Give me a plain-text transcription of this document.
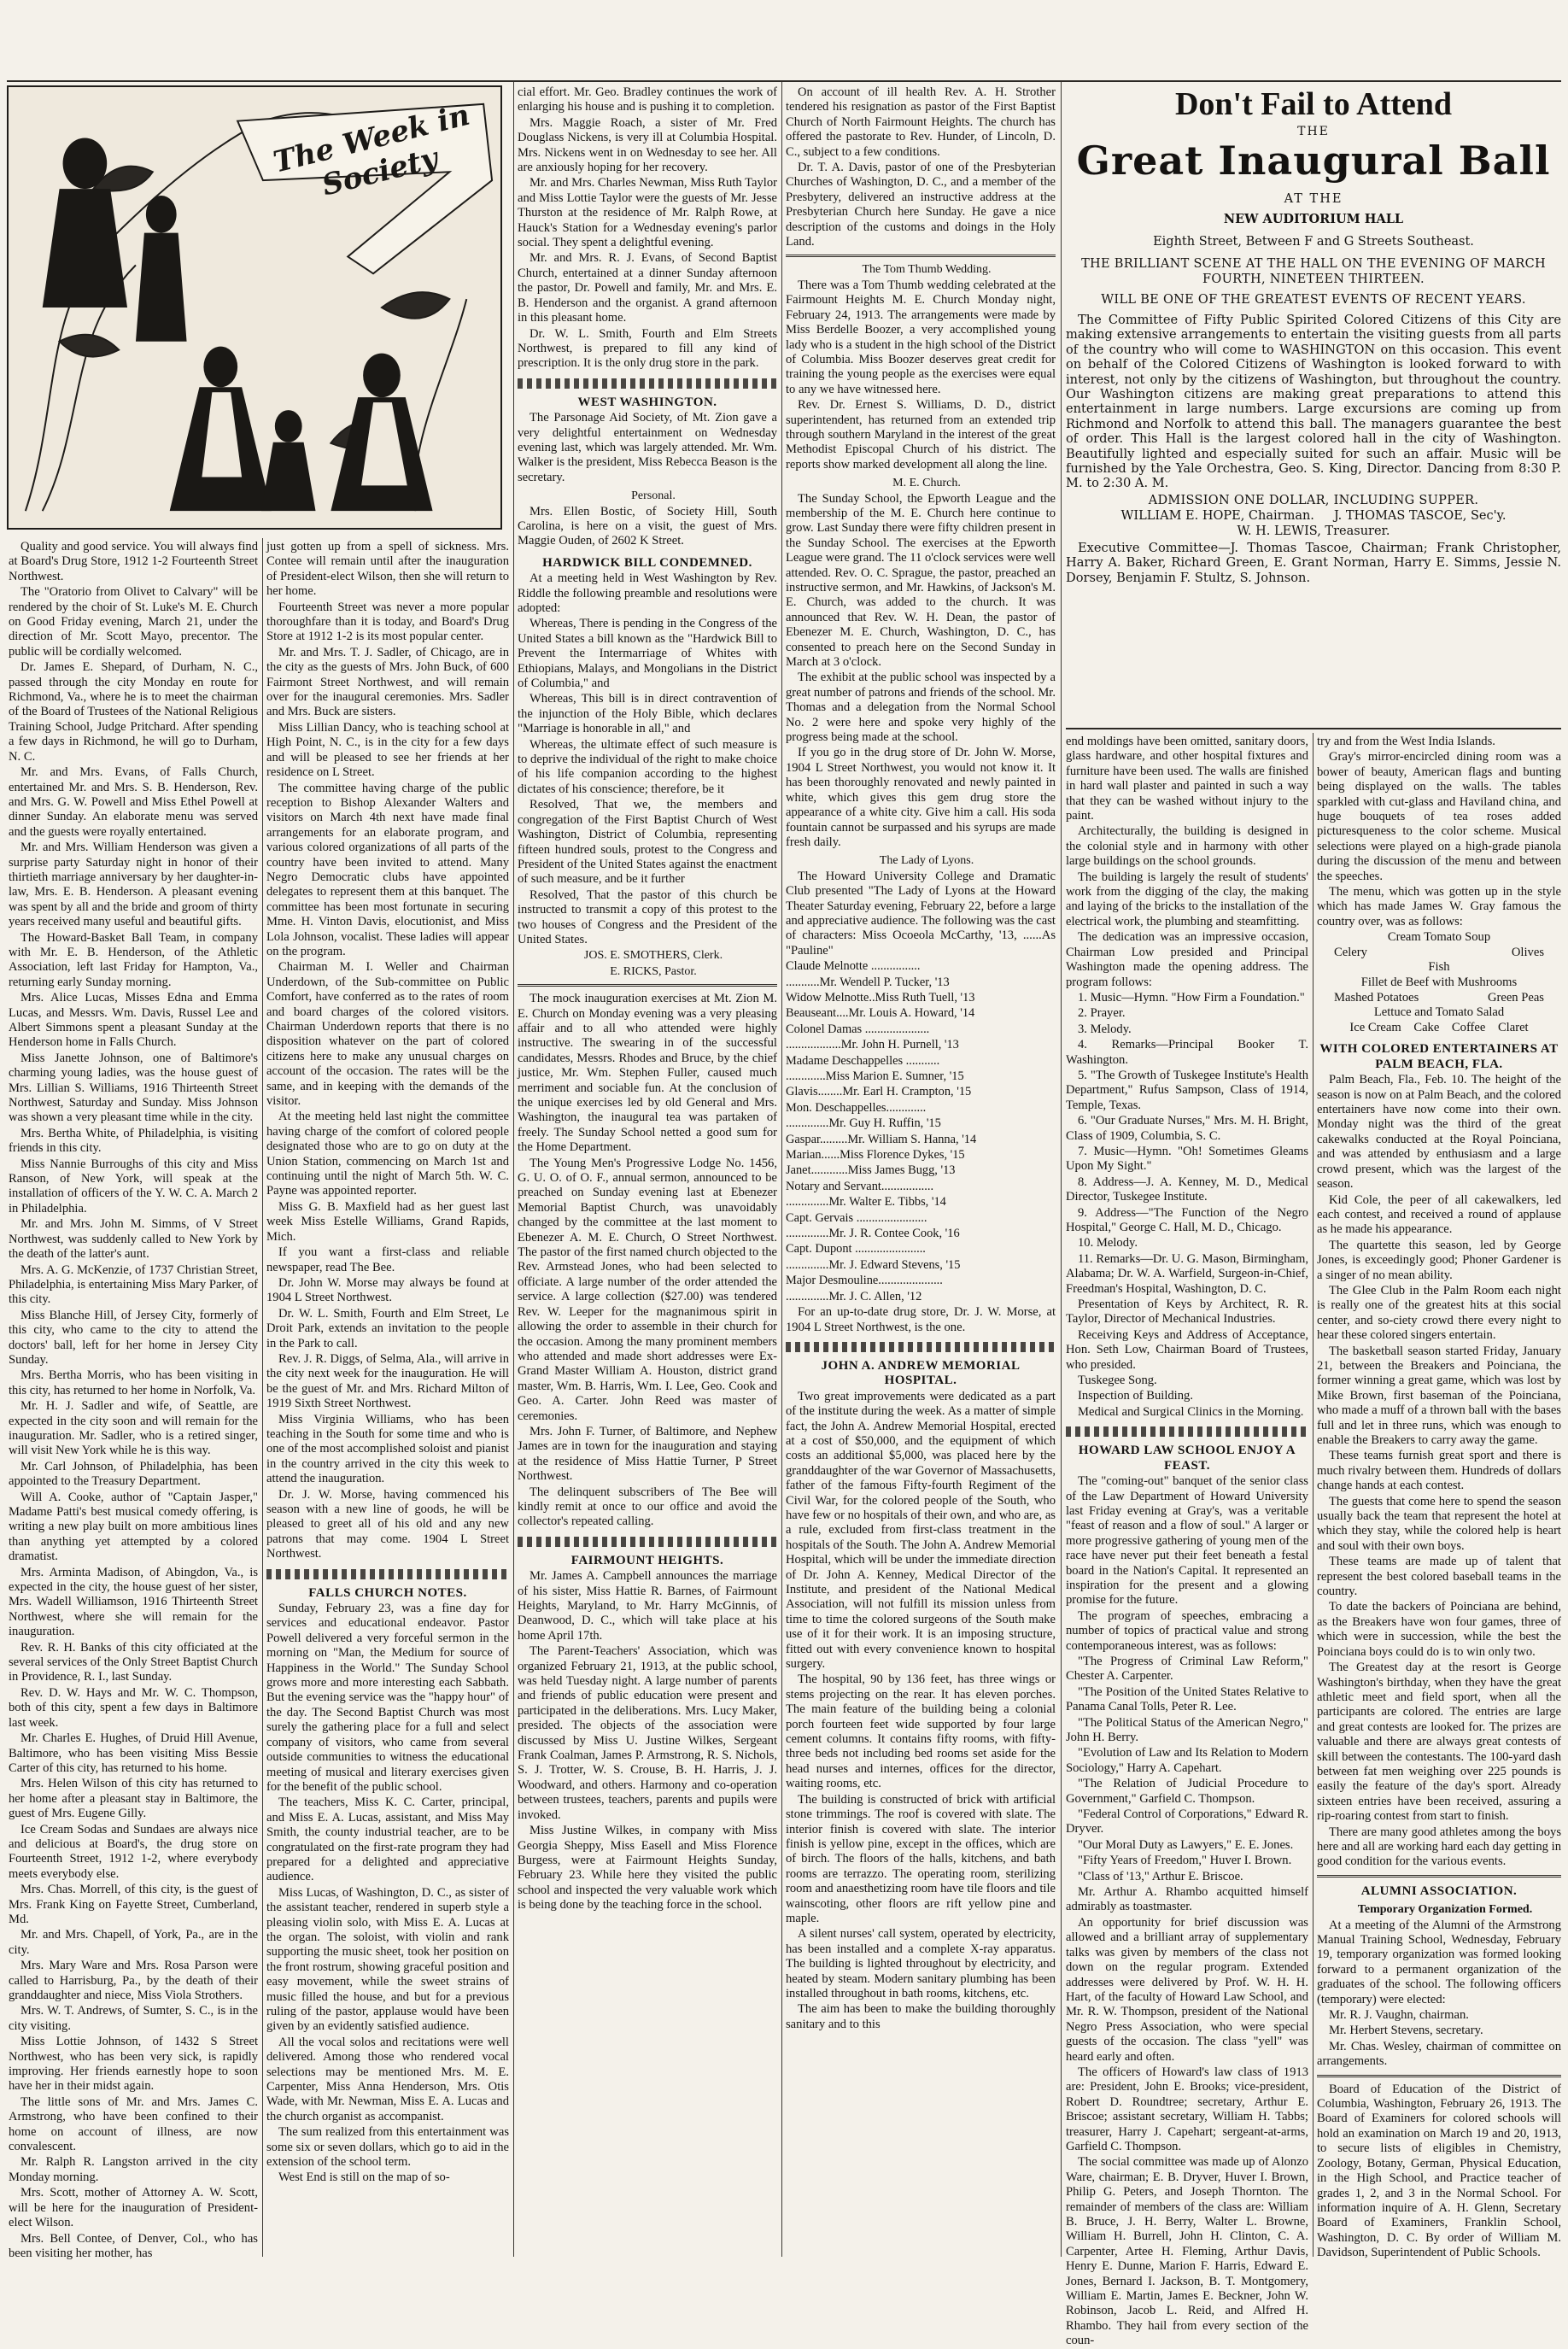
The Week in Society

Quality and good service. You will always find at Board's Drug Store, 1912 1-2 Fourteenth Street Northwest.

The "Oratorio from Olivet to Calvary" will be rendered by the choir of St. Luke's M. E. Church on Good Friday evening, March 21, under the direction of Mr. Scott Mayo, precentor. The public will be cordially welcomed.

Dr. James E. Shepard, of Durham, N. C., passed through the city Monday en route for Richmond, Va., where he is to meet the chairman of the Board of Trustees of the National Religious Training School, Judge Pritchard. After spending a few days in Richmond, he will go to Durham, N. C.

Mr. and Mrs. Evans, of Falls Church, entertained Mr. and Mrs. S. B. Henderson, Rev. and Mrs. G. W. Powell and Miss Ethel Powell at dinner Sunday. An elaborate menu was served and the guests were royally entertained.

Mr. and Mrs. William Henderson was given a surprise party Saturday night in honor of their thirtieth marriage anniversary by her daughter-in-law, Mrs. E. B. Henderson. A pleasant evening was spent by all and the bride and groom of thirty years received many useful and beautiful gifts.

The Howard-Basket Ball Team, in company with Mr. E. B. Henderson, of the Athletic Association, left last Friday for Hampton, Va., returning early Sunday morning.

Mrs. Alice Lucas, Misses Edna and Emma Lucas, and Messrs. Wm. Davis, Russel Lee and Albert Simmons spent a pleasant Sunday at the Henderson home in Falls Church.

Miss Janette Johnson, one of Baltimore's charming young ladies, was the house guest of Mrs. Lillian S. Williams, 1916 Thirteenth Street Northwest, Saturday and Sunday. Miss Johnson was shown a very pleasant time while in the city.

Mrs. Bertha White, of Philadelphia, is visiting friends in this city.

Miss Nannie Burroughs of this city and Miss Ranson, of New York, will speak at the installation of officers of the Y. W. C. A. March 2 in Philadelphia.

Mr. and Mrs. John M. Simms, of V Street Northwest, was suddenly called to New York by the death of the latter's aunt.

Mrs. A. G. McKenzie, of 1737 Christian Street, Philadelphia, is entertaining Miss Mary Parker, of this city.

Miss Blanche Hill, of Jersey City, formerly of this city, who came to the city to attend the doctors' ball, left for her home in Jersey City Sunday.

Mrs. Bertha Morris, who has been visiting in this city, has returned to her home in Norfolk, Va.

Mr. H. J. Sadler and wife, of Seattle, are expected in the city soon and will remain for the inauguration. Mr. Sadler, who is a retired singer, will visit New York while he is this way.

Mr. Carl Johnson, of Philadelphia, has been appointed to the Treasury Department.

Will A. Cooke, author of "Captain Jasper," Madame Patti's best musical comedy offering, is writing a new play built on more ambitious lines than anything yet attempted by a colored dramatist.

Mrs. Arminta Madison, of Abingdon, Va., is expected in the city, the house guest of her sister, Mrs. Wadell Williamson, 1916 Thirteenth Street Northwest, where she will remain for the inauguration.

Rev. R. H. Banks of this city officiated at the several services of the Only Street Baptist Church in Providence, R. I., last Sunday.

Rev. D. W. Hays and Mr. W. C. Thompson, both of this city, spent a few days in Baltimore last week.

Mr. Charles E. Hughes, of Druid Hill Avenue, Baltimore, who has been visiting Miss Bessie Carter of this city, has returned to his home.

Mrs. Helen Wilson of this city has returned to her home after a pleasant stay in Baltimore, the guest of Mrs. Eugene Gilly.

Ice Cream Sodas and Sundaes are always nice and delicious at Board's, the drug store on Fourteenth Street, 1912 1-2, where everybody meets everybody else.

Mrs. Chas. Morrell, of this city, is the guest of Mrs. Frank King on Fayette Street, Cumberland, Md.

Mr. and Mrs. Chapell, of York, Pa., are in the city.

Mrs. Mary Ware and Mrs. Rosa Parson were called to Harrisburg, Pa., by the death of their granddaughter and niece, Miss Viola Strothers.

Mrs. W. T. Andrews, of Sumter, S. C., is in the city visiting.

Miss Lottie Johnson, of 1432 S Street Northwest, who has been very sick, is rapidly improving. Her friends earnestly hope to soon have her in their midst again.

The little sons of Mr. and Mrs. James C. Armstrong, who have been confined to their home on account of illness, are now convalescent.

Mr. Ralph R. Langston arrived in the city Monday morning.

Mrs. Scott, mother of Attorney A. W. Scott, will be here for the inauguration of President-elect Wilson.

Mrs. Bell Contee, of Denver, Col., who has been visiting her mother, has

just gotten up from a spell of sickness. Mrs. Contee will remain until after the inauguration of President-elect Wilson, then she will return to her home.

Fourteenth Street was never a more popular thoroughfare than it is today, and Board's Drug Store at 1912 1-2 is its most popular center.

Mr. and Mrs. T. J. Sadler, of Chicago, are in the city as the guests of Mrs. John Buck, of 600 Fairmont Street Northwest, and will remain over for the inaugural ceremonies. Mrs. Sadler and Mrs. Buck are sisters.

Miss Lillian Dancy, who is teaching school at High Point, N. C., is in the city for a few days and will be pleased to see her friends at her residence on L Street.

The committee having charge of the public reception to Bishop Alexander Walters and visitors on March 4th next have made final arrangements for an elaborate program, and various colored organizations of all parts of the country have been invited to attend. Many Negro Democratic clubs have appointed delegates to represent them at this banquet. The committee has been most fortunate in securing Mme. H. Vinton Davis, elocutionist, and Miss Lola Johnson, vocalist. These ladies will appear on the program.

Chairman M. I. Weller and Chairman Underdown, of the Sub-committee on Public Comfort, have conferred as to the rates of room and board charges of the colored visitors. Chairman Underdown reports that there is no disposition whatever on the part of colored citizens here to make any unusual charges on account of the occasion. The rates will be the same, and in keeping with the demands of the visitor.

At the meeting held last night the committee having charge of the comfort of colored people designated those who are to go on duty at the Union Station, commencing on March 1st and continuing until the night of March 5th. W. C. Payne was appointed reporter.

Miss G. B. Maxfield had as her guest last week Miss Estelle Williams, Grand Rapids, Mich.

If you want a first-class and reliable newspaper, read The Bee.

Dr. John W. Morse may always be found at 1904 L Street Northwest.

Dr. W. L. Smith, Fourth and Elm Street, Le Droit Park, extends an invitation to the people in the Park to call.

Rev. J. R. Diggs, of Selma, Ala., will arrive in the city next week for the inauguration. He will be the guest of Mr. and Mrs. Richard Milton of 1919 Sixth Street Northwest.

Miss Virginia Williams, who has been teaching in the South for some time and who is one of the most accomplished soloist and pianist in the country arrived in the city this week to attend the inauguration.

Dr. J. W. Morse, having commenced his season with a new line of goods, he will be pleased to greet all of his old and any new patrons that may come. 1904 L Street Northwest.

FALLS CHURCH NOTES.

Sunday, February 23, was a fine day for services and educational endeavor. Pastor Powell delivered a very forceful sermon in the morning on "Man, the Medium for source of Happiness in the World." The Sunday School grows more and more interesting each Sabbath. But the evening service was the "happy hour" of the day. The Second Baptist Church was most surely the gathering place for a full and select company of visitors, who came from several outside communities to witness the educational meeting of musical and literary exercises given for the benefit of the public school.

The teachers, Miss K. C. Carter, principal, and Miss E. A. Lucas, assistant, and Miss May Smith, the county industrial teacher, are to be congratulated on the first-rate program they had prepared for a delighted and appreciative audience.

Miss Lucas, of Washington, D. C., as sister of the assistant teacher, rendered in superb style a pleasing violin solo, with Miss E. A. Lucas at the organ. The soloist, with violin and rank supporting the music sheet, took her position on the front rostrum, showing graceful position and easy movement, while the sweet strains of music filled the house, and but for a previous ruling of the pastor, applause would have been given by an evidently satisfied audience.

All the vocal solos and recitations were well delivered. Among those who rendered vocal selections may be mentioned Mrs. M. E. Carpenter, Miss Anna Henderson, Mrs. Otis Wade, with Mr. Newman, Miss E. A. Lucas and the church organist as accompanist.

The sum realized from this entertainment was some six or seven dollars, which go to aid in the extension of the school term.

West End is still on the map of so-

cial effort. Mr. Geo. Bradley continues the work of enlarging his house and is pushing it to completion.

Mrs. Maggie Roach, a sister of Mr. Fred Douglass Nickens, is very ill at Columbia Hospital. Mrs. Nickens went in on Wednesday to see her. All are anxiously hoping for her recovery.

Mr. and Mrs. Charles Newman, Miss Ruth Taylor and Miss Lottie Taylor were the guests of Mr. Jesse Thurston at the residence of Mr. Ralph Rowe, at Hauck's Station for a Wednesday evening's parlor social. They spent a delightful evening.

Mr. and Mrs. R. J. Evans, of Second Baptist Church, entertained at a dinner Sunday afternoon the pastor, Dr. Powell and family, Mr. and Mrs. E. B. Henderson and the organist. A grand afternoon in this pleasant home.

Dr. W. L. Smith, Fourth and Elm Streets Northwest, is prepared to fill any kind of prescription. It is the only drug store in the park.

WEST WASHINGTON.

The Parsonage Aid Society, of Mt. Zion gave a very delightful entertainment on Wednesday evening last, which was largely attended. Mr. Wm. Walker is the president, Miss Rebecca Beason is the secretary.

Personal.

Mrs. Ellen Bostic, of Society Hill, South Carolina, is here on a visit, the guest of Mrs. Maggie Ouden, of 2602 K Street.

HARDWICK BILL CONDEMNED.

At a meeting held in West Washington by Rev. Riddle the following preamble and resolutions were adopted:

Whereas, There is pending in the Congress of the United States a bill known as the "Hardwick Bill to Prevent the Intermarriage of Whites with Ethiopians, Malays, and Mongolians in the District of Columbia," and

Whereas, This bill is in direct contravention of the injunction of the Holy Bible, which declares "Marriage is honorable in all," and

Whereas, the ultimate effect of such measure is to deprive the individual of the right to make choice of his life companion according to the highest dictates of his conscience; therefore, be it

Resolved, That we, the members and congregation of the First Baptist Church of West Washington, District of Columbia, representing fifteen hundred souls, protest to the Congress and President of the United States against the enactment of such measure, and be it further

Resolved, That the pastor of this church be instructed to transmit a copy of this protest to the two houses of Congress and the President of the United States.

JOS. E. SMOTHERS, Clerk.

E. RICKS, Pastor.

The mock inauguration exercises at Mt. Zion M. E. Church on Monday evening was a very pleasing affair and to all who attended were highly instructive. The swearing in of the successful candidates, Messrs. Rhodes and Bruce, by the chief justice, Mr. Wm. Stephen Fuller, caused much merriment and sociable fun. At the conclusion of the unique exercises led by old General and Mrs. Washington, the inaugural tea was partaken of freely. The Sunday School netted a good sum for the Home Department.

The Young Men's Progressive Lodge No. 1456, G. U. O. of O. F., annual sermon, announced to be preached on Sunday evening last at Ebenezer Memorial Baptist Church, was unavoidably changed by the committee at the last moment to Ebenezer A. M. E. Church, O Street Northwest. The pastor of the first named church objected to the Rev. Armstead Jones, who had been selected to officiate. A large number of the order attended the service. A large collection ($27.00) was tendered Rev. W. Leeper for the magnanimous spirit in allowing the order to assemble in their church for the occasion. Among the many prominent members who attended and made short addresses were Ex-Grand Master William A. Houston, district grand master, Wm. B. Harris, Wm. I. Lee, Geo. Cook and Geo. A. Carter. John Reed was master of ceremonies.

Mrs. John F. Turner, of Baltimore, and Nephew James are in town for the inauguration and staying at the residence of Miss Hattie Turner, P Street Northwest.

The delinquent subscribers of The Bee will kindly remit at once to our office and avoid the collector's repeated calling.

FAIRMOUNT HEIGHTS.

Mr. James A. Campbell announces the marriage of his sister, Miss Hattie R. Barnes, of Fairmount Heights, Maryland, to Mr. Harry McGinnis, of Deanwood, D. C., which will take place at his home April 17th.

The Parent-Teachers' Association, which was organized February 21, 1913, at the public school, was held Tuesday night. A large number of parents and friends of public education were present and participated in the deliberations. Mrs. Lucy Maker, presided. The objects of the association were discussed by Miss U. Justine Wilkes, Sergeant Frank Coalman, James P. Armstrong, R. S. Nichols, S. J. Trotter, W. S. Crouse, B. H. Harris, J. J. Woodward, and others. Harmony and co-operation between trustees, teachers, parents and pupils were invoked.

Miss Justine Wilkes, in company with Miss Georgia Sheppy, Miss Easell and Miss Florence Burgess, were at Fairmount Heights Sunday, February 23. While here they visited the public school and inspected the very valuable work which is being done by the teaching force in the school.

On account of ill health Rev. A. H. Strother tendered his resignation as pastor of the First Baptist Church of North Fairmount Heights. The church has offered the pastorate to Rev. Hunder, of Lincoln, D. C., subject to a few conditions.

Dr. T. A. Davis, pastor of one of the Presbyterian Churches of Washington, D. C., and a member of the Presbytery, delivered an instructive address at the Presbyterian Church here Sunday. He gave a nice description of the customs and doings in the Holy Land.

The Tom Thumb Wedding.

There was a Tom Thumb wedding celebrated at the Fairmount Heights M. E. Church Monday night, February 24, 1913. The arrangements were made by Miss Berdelle Boozer, a very accomplished young lady who is a student in the high school of the District of Columbia. Miss Boozer deserves great credit for training the young people as the exercises were equal to any we have witnessed here.

Rev. Dr. Ernest S. Williams, D. D., district superintendent, has returned from an extended trip through southern Maryland in the interest of the great Methodist Episcopal Church of his district. The reports show marked development all along the line.

M. E. Church.

The Sunday School, the Epworth League and the membership of the M. E. Church here continue to grow. Last Sunday there were fifty children present in the Sunday School. The exercises at the Epworth League were grand. The 11 o'clock services were well attended. Rev. O. C. Sprague, the pastor, preached an instructive sermon, and Mr. Hawkins, of Jackson's M. E. Church, was added to the church. It was announced that Rev. W. H. Dean, the pastor of Ebenezer M. E. Church, Washington, D. C., has consented to preach here on the Second Sunday in March at 3 o'clock.

The exhibit at the public school was inspected by a great number of patrons and friends of the school. Mr. Thomas and a delegation from the Normal School No. 2 were here and spoke very highly of the progress being made at the school.

If you go in the drug store of Dr. John W. Morse, 1904 L Street Northwest, you would not know it. It has been thoroughly renovated and newly painted in white, which gives this gem drug store the appearance of a white city. Give him a call. His soda fountain cannot be surpassed and his syrups are made fresh daily.

The Lady of Lyons.

The Howard University College and Dramatic Club presented "The Lady of Lyons at the Howard Theater Saturday evening, February 22, before a large and appreciative audience. The following was the cast of characters: Miss Ocoeola McCarthy, '13, ......As "Pauline"

Claude Melnotte ................

...........Mr. Wendell P. Tucker, '13

Widow Melnotte..Miss Ruth Tuell, '13

Beauseant....Mr. Louis A. Howard, '14

Colonel Damas .....................

..................Mr. John H. Purnell, '13

Madame Deschappelles ...........

.............Miss Marion E. Sumner, '15

Glavis........Mr. Earl H. Crampton, '15

Mon. Deschappelles.............

..............Mr. Guy H. Ruffin, '15

Gaspar.........Mr. William S. Hanna, '14

Marian......Miss Florence Dykes, '15

Janet............Miss James Bugg, '13

Notary and Servant.................

..............Mr. Walter E. Tibbs, '14

Capt. Gervais .......................

..............Mr. J. R. Contee Cook, '16

Capt. Dupont .......................

..............Mr. J. Edward Stevens, '15

Major Desmouline.....................

..............Mr. J. C. Allen, '12

For an up-to-date drug store, Dr. J. W. Morse, at 1904 L Street Northwest, is the one.

JOHN A. ANDREW MEMORIAL HOSPITAL.

Two great improvements were dedicated as a part of the institute during the week. As a matter of simple fact, the John A. Andrew Memorial Hospital, erected at a cost of $50,000, and the equipment of which costs an additional $5,000, was placed here by the granddaughter of the war Governor of Massachusetts, father of the famous Fifty-fourth Regiment of the Civil War, for the colored people of the South, who have few or no hospitals of their own, and who are, as a rule, excluded from first-class treatment in the hospitals of the South. The John A. Andrew Memorial Hospital, which will be under the immediate direction of Dr. John A. Kenney, Medical Director of the Institute, and president of the National Medical Association, will not fulfill its mission unless from time to time the colored surgeons of the South make use of it for their work. It is an imposing structure, fitted out with every convenience known to hospital surgery.

The hospital, 90 by 136 feet, has three wings or stems projecting on the rear. It has eleven porches. The main feature of the building being a colonial porch fourteen feet wide supported by four large cement columns. It contains fifty rooms, with fifty-three beds not including bed rooms set aside for the head nurses and internes, offices for the director, waiting rooms, etc.

The building is constructed of brick with artificial stone trimmings. The roof is covered with slate. The interior finish is covered with slate. The interior finish is yellow pine, except in the offices, which are of birch. The floors of the halls, kitchens, and bath rooms are terrazzo. The operating room, sterilizing room and anaesthetizing room have tile floors and tile wainscoting, other floors are rift yellow pine and maple.

A silent nurses' call system, operated by electricity, has been installed and a complete X-ray apparatus. The building is lighted throughout by electricity, and heated by steam. Modern sanitary plumbing has been installed throughout in bath rooms, kitchens, etc.

The aim has been to make the building thoroughly sanitary and to this

Don't Fail to Attend
THE
Great Inaugural Ball
AT THE
NEW AUDITORIUM HALL
Eighth Street, Between F and G Streets Southeast.
THE BRILLIANT SCENE AT THE HALL ON THE EVENING OF MARCH FOURTH, NINETEEN THIRTEEN.
WILL BE ONE OF THE GREATEST EVENTS OF RECENT YEARS.

The Committee of Fifty Public Spirited Colored Citizens of this City are making extensive arrangements to entertain the visiting guests from all parts of the country who will come to WASHINGTON on this occasion. This event on behalf of the Colored Citizens of Washington is looked forward to with interest, not only by the citizens of Washington, but throughout the country. Our Washington citizens are making great preparations to attend this entertainment in large numbers. Large excursions are coming up from Richmond and Norfolk to attend this ball. The managers guarantee the best of order. This Hall is the largest colored hall in the city of Washington. Beautifully lighted and especially suited for such an affair. Music will be furnished by the Yale Orchestra, Geo. S. King, Director. Dancing from 8:30 P. M. to 2:30 A. M.

ADMISSION ONE DOLLAR, INCLUDING SUPPER.
WILLIAM E. HOPE, Chairman.     J. THOMAS TASCOE, Sec'y.
W. H. LEWIS, Treasurer.

Executive Committee—J. Thomas Tascoe, Chairman; Frank Christopher, Harry A. Baker, Richard Green, E. Grant Norman, Harry E. Simms, Jessie N. Dorsey, Benjamin F. Stultz, S. Johnson.

end moldings have been omitted, sanitary doors, glass hardware, and other hospital fixtures and furniture have been used. The walls are finished in hard wall plaster and painted in such a way that they can be washed without injury to the paint.

Architecturally, the building is designed in the colonial style and in harmony with other large buildings on the school grounds.

The building is largely the result of students' work from the digging of the clay, the making and laying of the bricks to the installation of the electrical work, the plumbing and steamfitting.

The dedication was an impressive occasion, Chairman Low presided and Principal Washington made the opening address. The program follows:

1. Music—Hymn. "How Firm a Foundation."

2. Prayer.

3. Melody.

4. Remarks—Principal Booker T. Washington.

5. "The Growth of Tuskegee Institute's Health Department," Rufus Sampson, Class of 1914, Temple, Texas.

6. "Our Graduate Nurses," Mrs. M. H. Bright, Class of 1909, Columbia, S. C.

7. Music—Hymn. "Oh! Sometimes Gleams Upon My Sight."

8. Address—J. A. Kenney, M. D., Medical Director, Tuskegee Institute.

9. Address—"The Function of the Negro Hospital," George C. Hall, M. D., Chicago.

10. Melody.

11. Remarks—Dr. U. G. Mason, Birmingham, Alabama; Dr. W. A. Warfield, Surgeon-in-Chief, Freedman's Hospital, Washington, D. C.

Presentation of Keys by Architect, R. R. Taylor, Director of Mechanical Industries.

Receiving Keys and Address of Acceptance, Hon. Seth Low, Chairman Board of Trustees, who presided.

Tuskegee Song.

Inspection of Building.

Medical and Surgical Clinics in the Morning.

HOWARD LAW SCHOOL ENJOY A FEAST.

The "coming-out" banquet of the senior class of the Law Department of Howard University last Friday evening at Gray's, was a veritable "feast of reason and a flow of soul." A larger or more progressive gathering of young men of the race have never put their feet beneath a festal board in the Nation's Capital. It represented an inspiration for the present and a glowing promise for the future.

The program of speeches, embracing a number of topics of practical value and strong contemporaneous interest, was as follows:

"The Progress of Criminal Law Reform," Chester A. Carpenter.

"The Position of the United States Relative to Panama Canal Tolls, Peter R. Lee.

"The Political Status of the American Negro," John H. Berry.

"Evolution of Law and Its Relation to Modern Sociology," Harry A. Capehart.

"The Relation of Judicial Procedure to Government," Garfield C. Thompson.

"Federal Control of Corporations," Edward R. Dryver.

"Our Moral Duty as Lawyers," E. E. Jones.

"Fifty Years of Freedom," Huver I. Brown.

"Class of '13," Arthur E. Briscoe.

Mr. Arthur A. Rhambo acquitted himself admirably as toastmaster.

An opportunity for brief discussion was allowed and a brilliant array of supplementary talks was given by members of the class not down on the regular program. Extended addresses were delivered by Prof. W. H. H. Hart, of the faculty of Howard Law School, and Mr. R. W. Thompson, president of the National Negro Press Association, who were special guests of the occasion. The class "yell" was heard early and often.

The officers of Howard's law class of 1913 are: President, John E. Brooks; vice-president, Robert D. Roundtree; secretary, Arthur E. Briscoe; assistant secretary, William H. Tabbs; treasurer, Harry J. Capehart; sergeant-at-arms, Garfield C. Thompson.

The social committee was made up of Alonzo Ware, chairman; E. B. Dryver, Huver I. Brown, Philip G. Peters, and Joseph Thornton. The remainder of members of the class are: William B. Bruce, J. H. Berry, Walter L. Browne, William H. Burrell, John H. Clinton, C. A. Carpenter, Artee H. Fleming, Arthur Davis, Henry E. Dunne, Marion F. Harris, Edward E. Jones, Bernard I. Jackson, B. T. Montgomery, William E. Martin, James E. Beckner, John W. Robinson, Jacob L. Reid, and Alfred H. Rhambo. They hail from every section of the coun-

try and from the West India Islands.

Gray's mirror-encircled dining room was a bower of beauty, American flags and bunting being displayed on the walls. The tables sparkled with cut-glass and Haviland china, and huge bouquets of tea roses added picturesqueness to the color scheme. Musical selections were played on a high-grade pianola during the discussion of the menu and between the speeches.

The menu, which was gotten up in the style which has made James W. Gray famous the country over, was as follows:

Cream Tomato Soup
Celery	Olives
Fish
Fillet de Beef with Mushrooms
Mashed Potatoes	Green Peas
Lettuce and Tomato Salad
Ice Cream    Cake    Coffee    Claret

WITH COLORED ENTERTAINERS AT PALM BEACH, FLA.

Palm Beach, Fla., Feb. 10. The height of the season is now on at Palm Beach, and the colored entertainers have now come into their own. Monday night was the third of the great cakewalks conducted at the Royal Poinciana, and was attended by enthusiasm and a large crowd present, which was the largest of the season.

Kid Cole, the peer of all cakewalkers, led each contest, and received a round of applause as he made his appearance.

The quartette this season, led by George Jones, is exceedingly good; Phoner Gardener is a singer of no mean ability.

The Glee Club in the Palm Room each night is really one of the greatest hits at this social center, and so-ciety crowd there every night to hear these colored singers entertain.

The basketball season started Friday, January 21, between the Breakers and Poinciana, the former winning a great game, which was lost by Mike Brown, first baseman of the Poinciana, who made a muff of a thrown ball with the bases full and let in three runs, which was enough to enable the Breakers to carry away the game.

These teams furnish great sport and there is much rivalry between them. Hundreds of dollars change hands at each contest.

The guests that come here to spend the season usually back the team that represent the hotel at which they stay, while the colored help is heart and soul with their own boys.

These teams are made up of talent that represent the best colored baseball teams in the country.

To date the backers of Poinciana are behind, as the Breakers have won four games, three of which were in succession, while the best the Poinciana boys could do is to win only two.

The Greatest day at the resort is George Washington's birthday, when they have the great athletic meet and field sport, when all the participants are colored. The entries are large and great contests are looked for. The prizes are valuable and there are always great contests of skill between the contestants. The 100-yard dash between fat men weighing over 225 pounds is easily the feature of the day's sport. Already sixteen entries have been received, assuring a rip-roaring contest from start to finish.

There are many good athletes among the boys here and all are working hard each day getting in good condition for the various events.

ALUMNI ASSOCIATION.

Temporary Organization Formed.

At a meeting of the Alumni of the Armstrong Manual Training School, Wednesday, February 19, temporary organization was formed looking forward to a permanent organization of the graduates of the school. The following officers (temporary) were elected:

Mr. R. J. Vaughn, chairman.

Mr. Herbert Stevens, secretary.

Mr. Chas. Wesley, chairman of committee on arrangements.

Board of Education of the District of Columbia, Washington, February 26, 1913. The Board of Examiners for colored schools will hold an examination on March 19 and 20, 1913, to secure lists of eligibles in Chemistry, Zoology, Botany, German, Physical Education, in the High School, and Practice teacher of grades 1, 2, and 3 in the Normal School. For information inquire of A. H. Glenn, Secretary Board of Examiners, Franklin School, Washington, D. C. By order of William M. Davidson, Superintendent of Public Schools.
